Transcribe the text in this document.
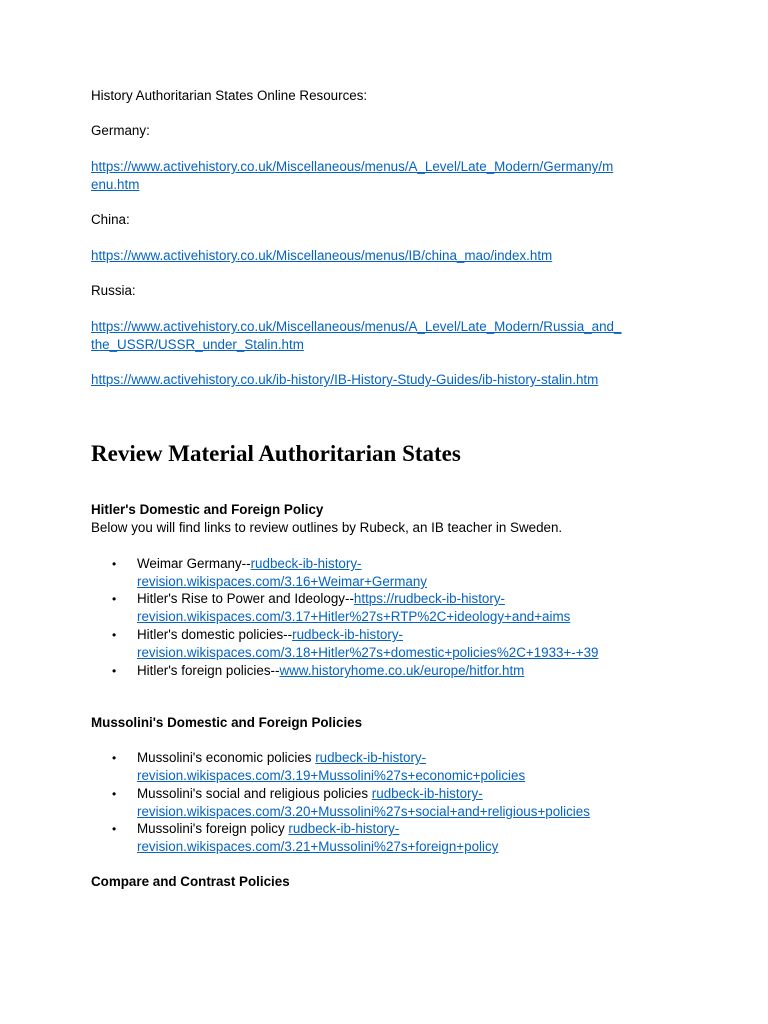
History Authoritarian States Online Resources:
Germany:
https://www.activehistory.co.uk/Miscellaneous/menus/A_Level/Late_Modern/Germany/m
enu.htm
China:
https://www.activehistory.co.uk/Miscellaneous/menus/IB/china_mao/index.htm
Russia:
https://www.activehistory.co.uk/Miscellaneous/menus/A_Level/Late_Modern/Russia_and_
the_USSR/USSR_under_Stalin.htm
https://www.activehistory.co.uk/ib-history/IB-History-Study-Guides/ib-history-stalin.htm
Review Material Authoritarian States
Hitler's Domestic and Foreign Policy
Below you will find links to review outlines by Rubeck, an IB teacher in Sweden.
• Weimar Germany--rudbeck-ib-history-
revision.wikispaces.com/3.16+Weimar+Germany
• Hitler's Rise to Power and Ideology--https://rudbeck-ib-history-
revision.wikispaces.com/3.17+Hitler%27s+RTP%2C+ideology+and+aims
• Hitler's domestic policies--rudbeck-ib-history-
revision.wikispaces.com/3.18+Hitler%27s+domestic+policies%2C+1933+-+39
• Hitler's foreign policies--www.historyhome.co.uk/europe/hitfor.htm
Mussolini's Domestic and Foreign Policies
• Mussolini's economic policies rudbeck-ib-history-
revision.wikispaces.com/3.19+Mussolini%27s+economic+policies
• Mussolini's social and religious policies rudbeck-ib-history-
revision.wikispaces.com/3.20+Mussolini%27s+social+and+religious+policies
• Mussolini's foreign policy rudbeck-ib-history-
revision.wikispaces.com/3.21+Mussolini%27s+foreign+policy
Compare and Contrast Policies
